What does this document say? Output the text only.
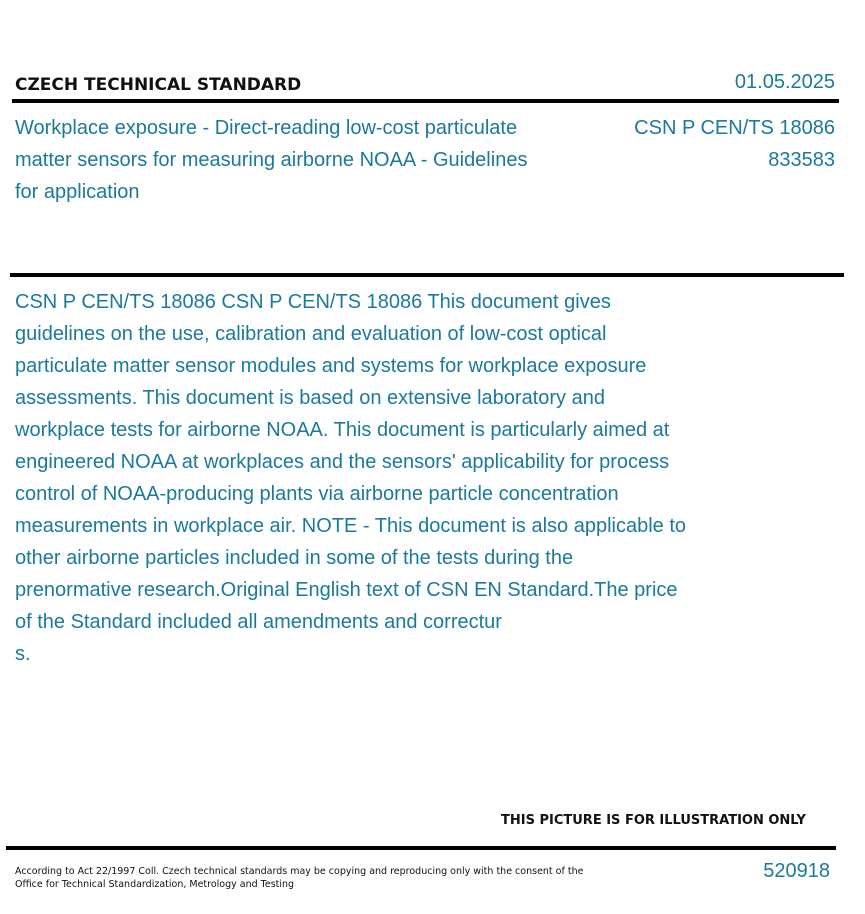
CZECH TECHNICAL STANDARD	01.05.2025
Workplace exposure - Direct-reading low-cost particulate matter sensors for measuring airborne NOAA - Guidelines for application
CSN P CEN/TS 18086
833583
CSN P CEN/TS 18086 CSN P CEN/TS 18086 This document gives guidelines on the use, calibration and evaluation of low-cost optical particulate matter sensor modules and systems for workplace exposure assessments. This document is based on extensive laboratory and workplace tests for airborne NOAA. This document is particularly aimed at engineered NOAA at workplaces and the sensors' applicability for process control of NOAA-producing plants via airborne particle concentration measurements in workplace air. NOTE - This document is also applicable to other airborne particles included in some of the tests during the prenormative research.Original English text of CSN EN Standard.The price of the Standard included all amendments and correctur
s.
THIS PICTURE IS FOR ILLUSTRATION ONLY
According to Act 22/1997 Coll. Czech technical standards may be copying and reproducing only with the consent of the Office for Technical Standardization, Metrology and Testing
520918
